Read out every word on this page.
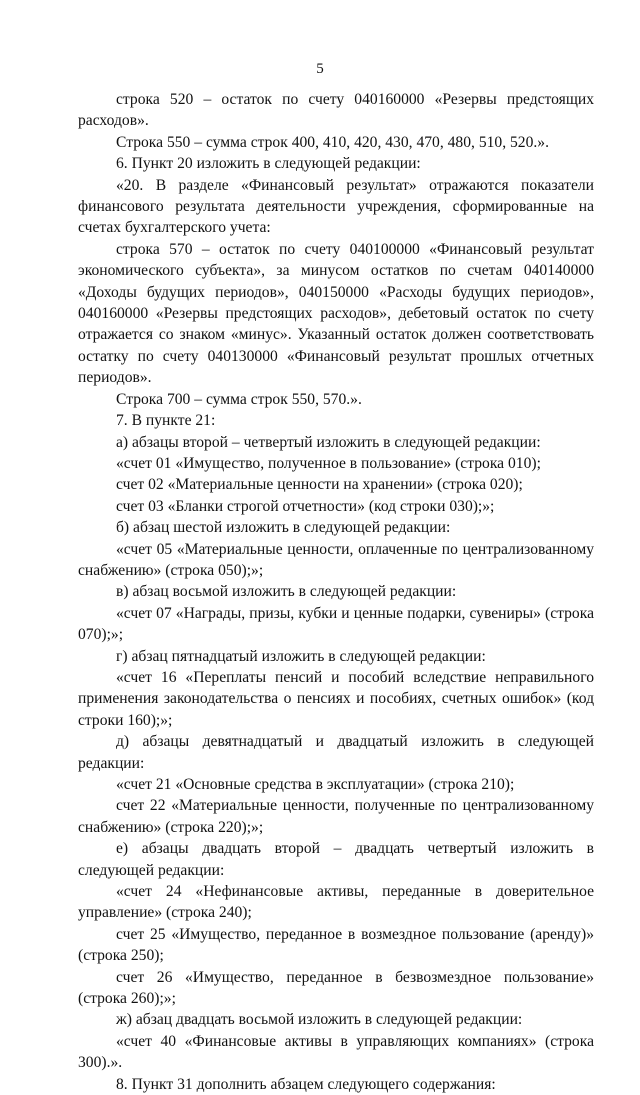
5

строка 520 – остаток по счету 040160000 «Резервы предстоящих расходов».

Строка 550 – сумма строк 400, 410, 420, 430, 470, 480, 510, 520.».

6. Пункт 20 изложить в следующей редакции:

«20. В разделе «Финансовый результат» отражаются показатели финансового результата деятельности учреждения, сформированные на счетах бухгалтерского учета:

строка 570 – остаток по счету 040100000 «Финансовый результат экономического субъекта», за минусом остатков по счетам 040140000 «Доходы будущих периодов», 040150000 «Расходы будущих периодов», 040160000 «Резервы предстоящих расходов», дебетовый остаток по счету отражается со знаком «минус». Указанный остаток должен соответствовать остатку по счету 040130000 «Финансовый результат прошлых отчетных периодов».

Строка 700 – сумма строк 550, 570.».

7. В пункте 21:

а) абзацы второй – четвертый изложить в следующей редакции:

«счет 01 «Имущество, полученное в пользование» (строка 010);

счет 02 «Материальные ценности на хранении» (строка 020);

счет 03 «Бланки строгой отчетности» (код строки 030);»;

б) абзац шестой изложить в следующей редакции:

«счет 05 «Материальные ценности, оплаченные по централизованному снабжению» (строка 050);»;

в) абзац восьмой изложить в следующей редакции:

«счет 07 «Награды, призы, кубки и ценные подарки, сувениры» (строка 070);»;

г) абзац пятнадцатый изложить в следующей редакции:

«счет 16 «Переплаты пенсий и пособий вследствие неправильного применения законодательства о пенсиях и пособиях, счетных ошибок» (код строки 160);»;

д) абзацы девятнадцатый и двадцатый изложить в следующей редакции:

«счет 21 «Основные средства в эксплуатации» (строка 210);

счет 22 «Материальные ценности, полученные по централизованному снабжению» (строка 220);»;

е) абзацы двадцать второй – двадцать четвертый изложить в следующей редакции:

«счет 24 «Нефинансовые активы, переданные в доверительное управление» (строка 240);

счет 25 «Имущество, переданное в возмездное пользование (аренду)» (строка 250);

счет 26 «Имущество, переданное в безвозмездное пользование» (строка 260);»;

ж) абзац двадцать восьмой изложить в следующей редакции:

«счет 40 «Финансовые активы в управляющих компаниях» (строка 300).».

8. Пункт 31 дополнить абзацем следующего содержания:
